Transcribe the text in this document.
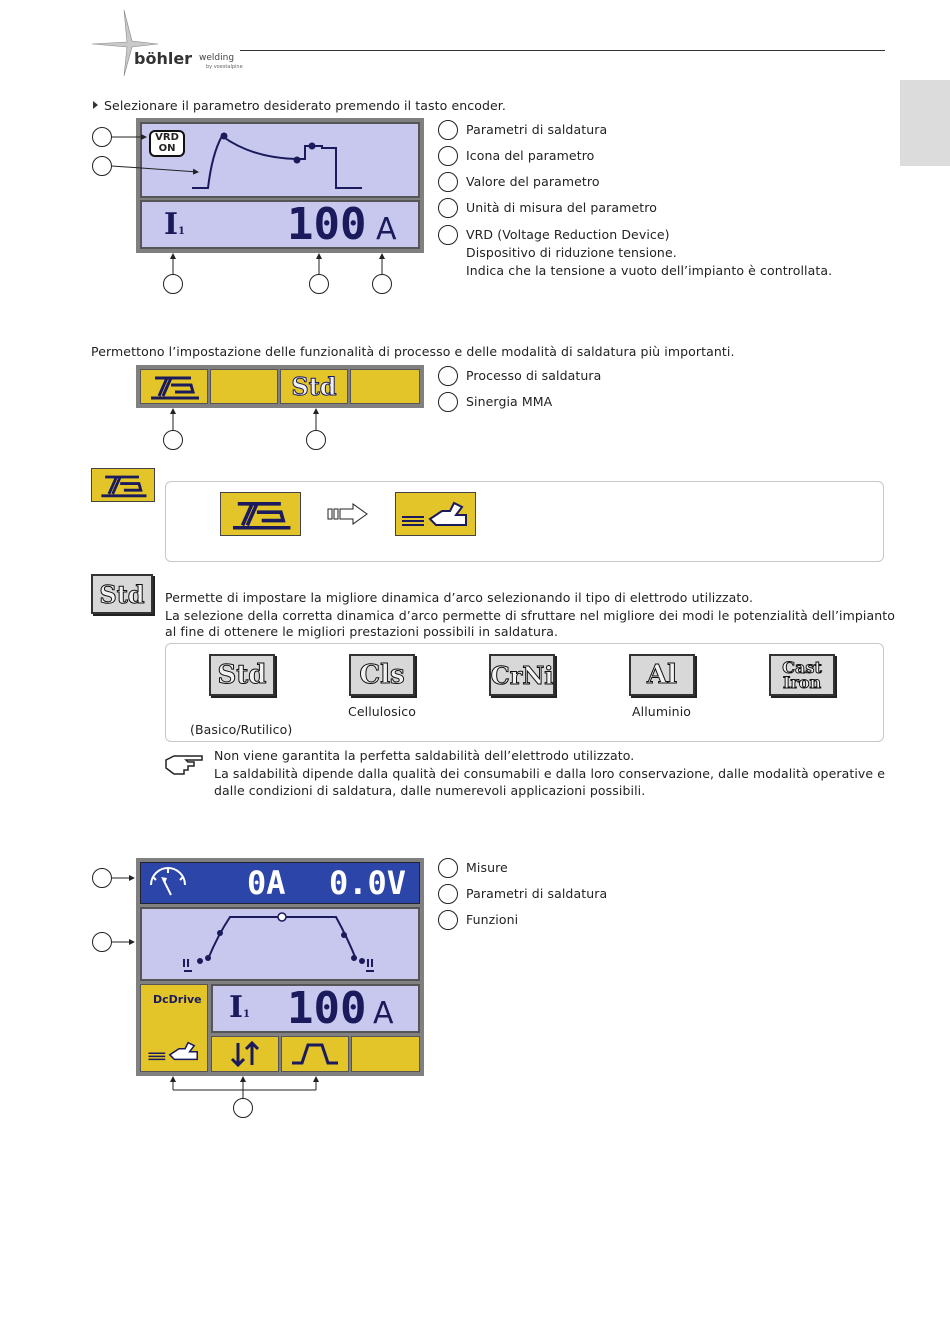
böhler welding
by voestalpine
Selezionare il parametro desiderato premendo il tasto encoder.
VRD
ON
I1 100 A
Parametri di saldatura
Icona del parametro
Valore del parametro
Unità di misura del parametro
VRD (Voltage Reduction Device)
Dispositivo di riduzione tensione.
Indica che la tensione a vuoto dell’impianto è controllata.
Permettono l’impostazione delle funzionalità di processo e delle modalità di saldatura più importanti.
Std	Processo di saldatura
Sinergia MMA
Std Permette di impostare la migliore dinamica d’arco selezionando il tipo di elettrodo utilizzato.
La selezione della corretta dinamica d’arco permette di sfruttare nel migliore dei modi le potenzialità dell’impianto
al fine di ottenere le migliori prestazioni possibili in saldatura.
Std	Cls	CrNi	Al	Cast
Iron
(Basico/Rutilico)
Cellulosico	Alluminio
Non viene garantita la perfetta saldabilità dell’elettrodo utilizzato.
La saldabilità dipende dalla qualità dei consumabili e dalla loro conservazione, dalle modalità operative e
dalle condizioni di saldatura, dalle numerevoli applicazioni possibili.
0A 0.0V
DcDrive I1 100 A
Misure
Parametri di saldatura
Funzioni
